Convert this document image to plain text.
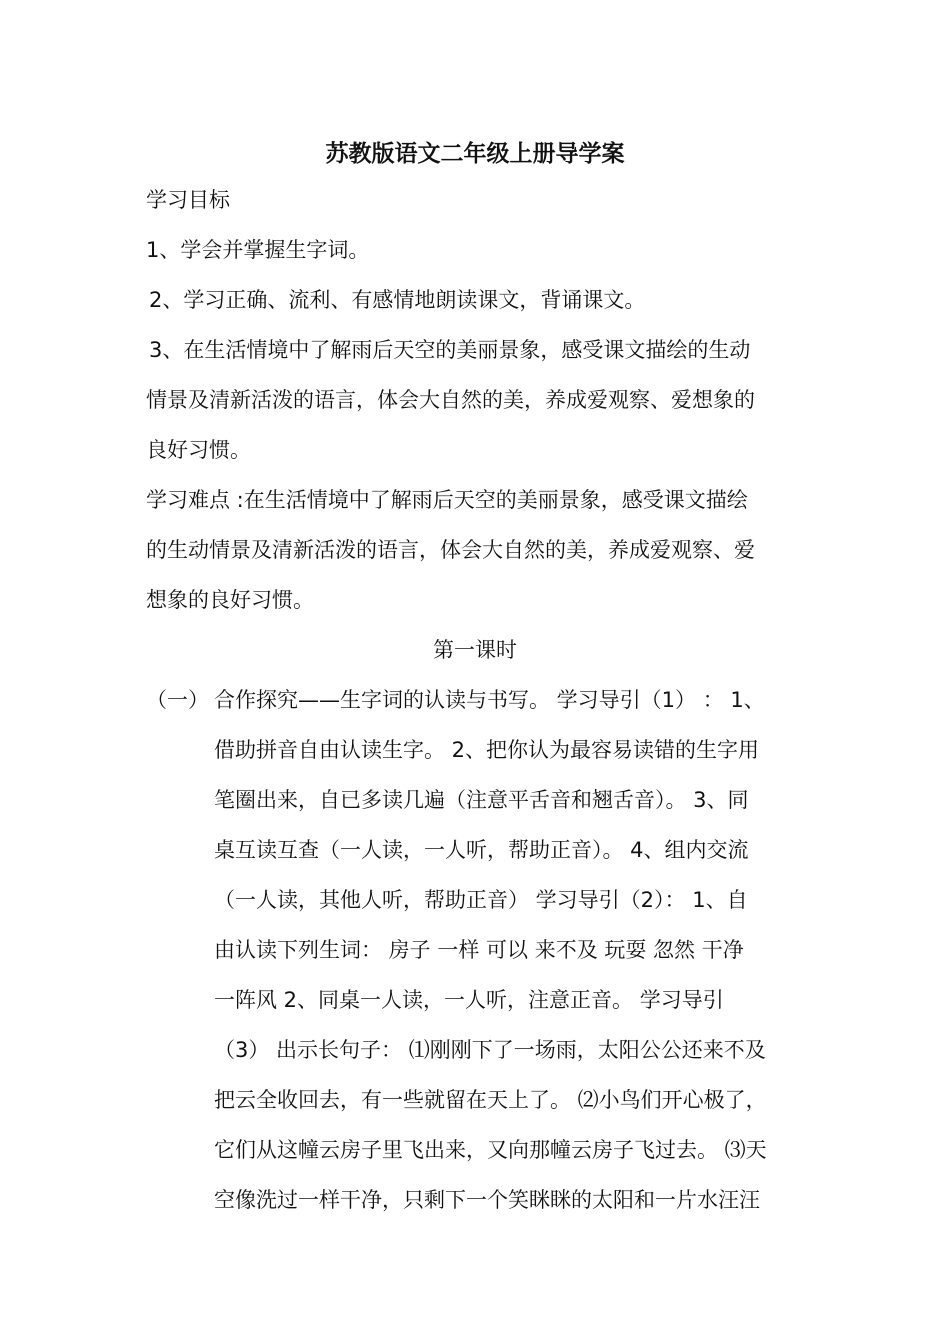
苏教版语文二年级上册导学案
学习目标
1、学会并掌握生字词。
2、学习正确、流利、有感情地朗读课文，背诵课文。
3、在生活情境中了解雨后天空的美丽景象，感受课文描绘的生动
情景及清新活泼的语言，体会大自然的美，养成爱观察、爱想象的
良好习惯。
学习难点 :在生活情境中了解雨后天空的美丽景象，感受课文描绘
的生动情景及清新活泼的语言，体会大自然的美，养成爱观察、爱
想象的良好习惯。
第一课时
（一） 合作探究——生字词的认读与书写。 学习导引（1） ： 1、
借助拼音自由认读生字。 2、把你认为最容易读错的生字用
笔圈出来，自已多读几遍（注意平舌音和翘舌音）。 3、同
桌互读互查（一人读，一人听，帮助正音）。 4、组内交流
（一人读，其他人听，帮助正音） 学习导引（2）： 1、自
由认读下列生词： 房子 一样 可以 来不及 玩耍 忽然 干净
一阵风 2、同桌一人读，一人听，注意正音。 学习导引
（3） 出示长句子： ⑴刚刚下了一场雨，太阳公公还来不及
把云全收回去，有一些就留在天上了。 ⑵小鸟们开心极了，
它们从这幢云房子里飞出来，又向那幢云房子飞过去。 ⑶天
空像洗过一样干净，只剩下一个笑眯眯的太阳和一片水汪汪
